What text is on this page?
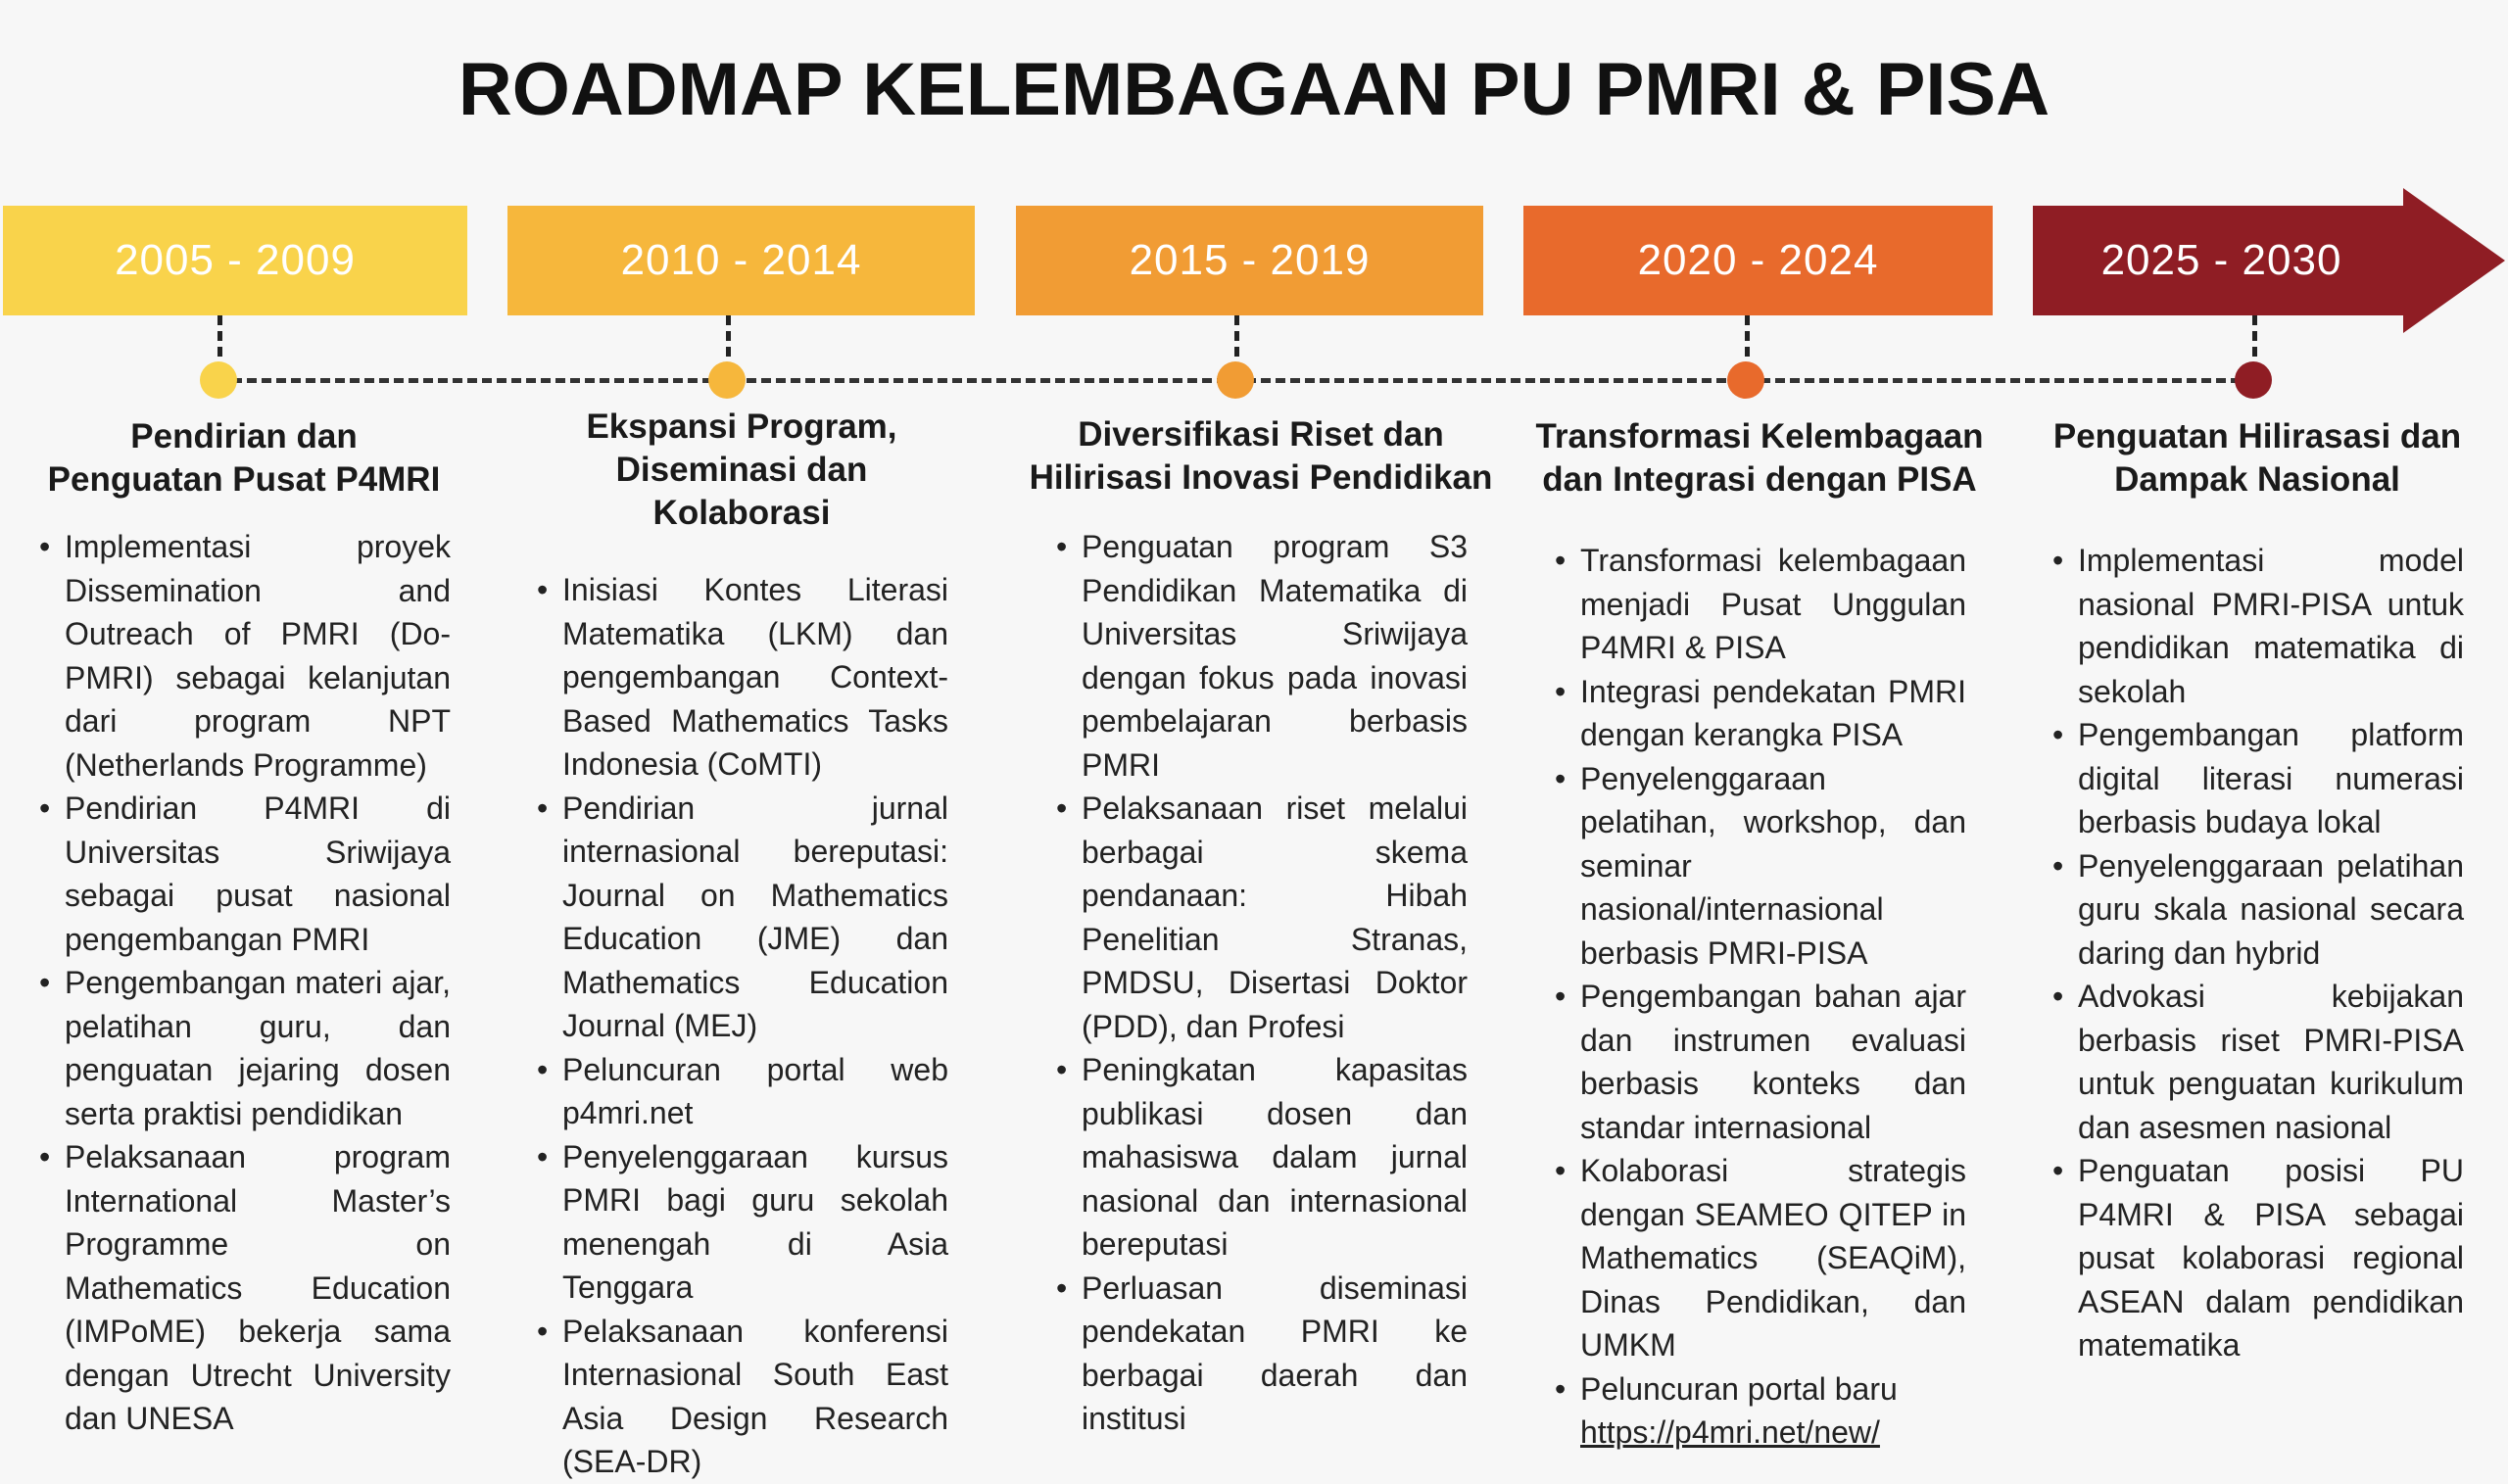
ROADMAP KELEMBAGAAN PU PMRI & PISA
2005 - 2009	2010 - 2014	2015 - 2019	2020 - 2024	2025 - 2030
Pendirian dan Penguatan Pusat P4MRI
• Implementasi proyek Dissemination and Outreach of PMRI (Do-PMRI) sebagai kelanjutan dari program NPT (Netherlands Programme)
• Pendirian P4MRI di Universitas Sriwijaya sebagai pusat nasional pengembangan PMRI
• Pengembangan materi ajar, pelatihan guru, dan penguatan jejaring dosen serta praktisi pendidikan
• Pelaksanaan program International Master’s Programme on Mathematics Education (IMPoME) bekerja sama dengan Utrecht University dan UNESA
Ekspansi Program, Diseminasi dan Kolaborasi
• Inisiasi Kontes Literasi Matematika (LKM) dan pengembangan Context-Based Mathematics Tasks Indonesia (CoMTI)
• Pendirian jurnal internasional bereputasi: Journal on Mathematics Education (JME) dan Mathematics Education Journal (MEJ)
• Peluncuran portal web p4mri.net
• Penyelenggaraan kursus PMRI bagi guru sekolah menengah di Asia Tenggara
• Pelaksanaan konferensi Internasional South East Asia Design Research (SEA-DR)
Diversifikasi Riset dan Hilirisasi Inovasi Pendidikan
• Penguatan program S3 Pendidikan Matematika di Universitas Sriwijaya dengan fokus pada inovasi pembelajaran berbasis PMRI
• Pelaksanaan riset melalui berbagai skema pendanaan: Hibah Penelitian Stranas, PMDSU, Disertasi Doktor (PDD), dan Profesi
• Peningkatan kapasitas publikasi dosen dan mahasiswa dalam jurnal nasional dan internasional bereputasi
• Perluasan diseminasi pendekatan PMRI ke berbagai daerah dan institusi
Transformasi Kelembagaan dan Integrasi dengan PISA
• Transformasi kelembagaan menjadi Pusat Unggulan P4MRI & PISA
• Integrasi pendekatan PMRI dengan kerangka PISA
• Penyelenggaraan pelatihan, workshop, dan seminar nasional/internasional berbasis PMRI-PISA
• Pengembangan bahan ajar dan instrumen evaluasi berbasis konteks dan standar internasional
• Kolaborasi strategis dengan SEAMEO QITEP in Mathematics (SEAQiM), Dinas Pendidikan, dan UMKM
• Peluncuran portal baru
https://p4mri.net/new/
Penguatan Hilirasasi dan Dampak Nasional
• Implementasi model nasional PMRI-PISA untuk pendidikan matematika di sekolah
• Pengembangan platform digital literasi numerasi berbasis budaya lokal
• Penyelenggaraan pelatihan guru skala nasional secara daring dan hybrid
• Advokasi kebijakan berbasis riset PMRI-PISA untuk penguatan kurikulum dan asesmen nasional
• Penguatan posisi PU P4MRI & PISA sebagai pusat kolaborasi regional ASEAN dalam pendidikan matematika
